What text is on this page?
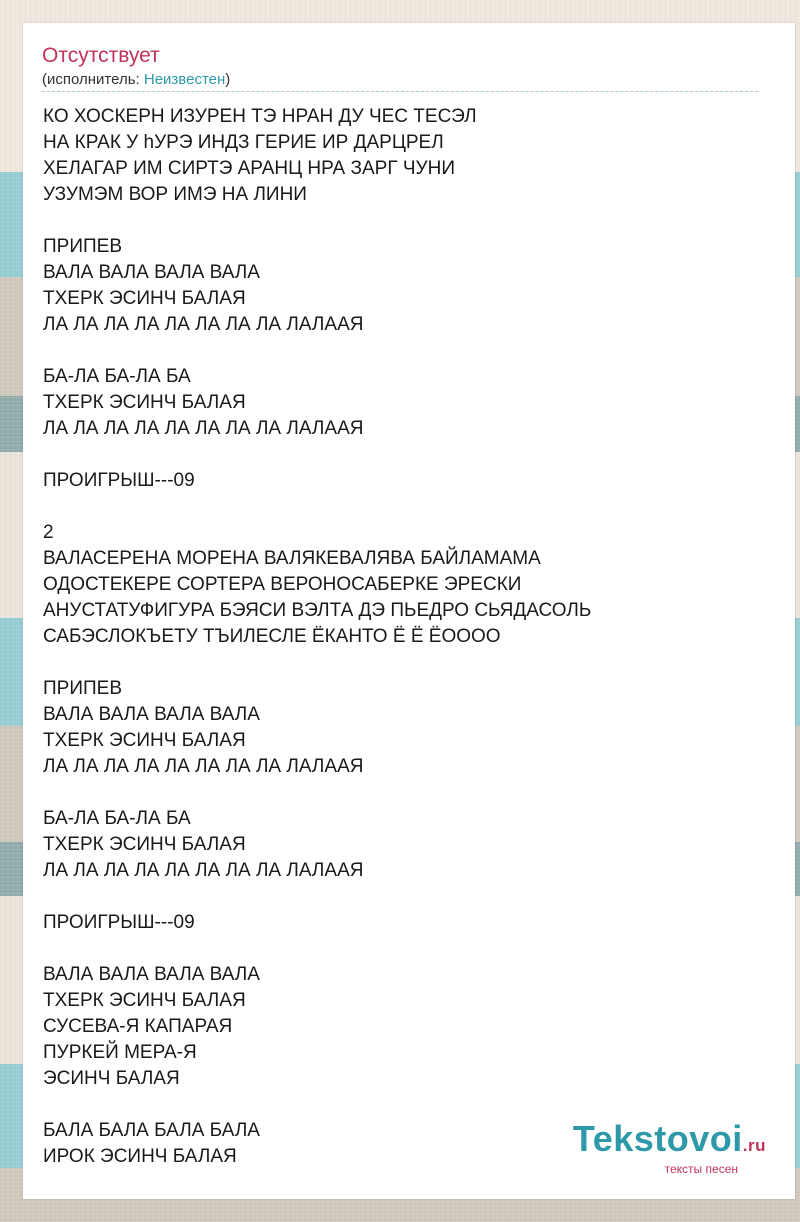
Отсутствует
(исполнитель: Неизвестен)
КО ХОСКЕРН ИЗУРЕН ТЭ НРАН ДУ ЧЕС ТЕСЭЛ
НА КРАК У hУРЭ ИНДЗ ГЕРИЕ ИР ДАРЦРЕЛ
ХЕЛАГАР ИМ СИРТЭ АРАНЦ НРА ЗАРГ ЧУНИ
УЗУМЭМ ВОР ИМЭ НА ЛИНИ
ПРИПЕВ
ВАЛА ВАЛА ВАЛА ВАЛА
ТХЕРК ЭСИНЧ БАЛАЯ
ЛА ЛА ЛА ЛА ЛА ЛА ЛА ЛА ЛАЛААЯ
БА-ЛА БА-ЛА БА
ТХЕРК ЭСИНЧ БАЛАЯ
ЛА ЛА ЛА ЛА ЛА ЛА ЛА ЛА ЛАЛААЯ
ПРОИГРЫШ---09
2
ВАЛАСЕРЕНА МОРЕНА ВАЛЯКЕВАЛЯВА БАЙЛАМАМА
ОДОСТЕКЕРЕ СОРТЕРА ВЕРОНОСАБЕРКЕ ЭРЕСКИ
АНУСТАТУФИГУРА БЭЯСИ ВЭЛТА ДЭ ПЬЕДРО СЬЯДАСОЛЬ
САБЭСЛОКЪЕТУ ТЪИЛЕСЛЕ ЁКАНТО Ё Ё ЁОООО
ПРИПЕВ
ВАЛА ВАЛА ВАЛА ВАЛА
ТХЕРК ЭСИНЧ БАЛАЯ
ЛА ЛА ЛА ЛА ЛА ЛА ЛА ЛА ЛАЛААЯ
БА-ЛА БА-ЛА БА
ТХЕРК ЭСИНЧ БАЛАЯ
ЛА ЛА ЛА ЛА ЛА ЛА ЛА ЛА ЛАЛААЯ
ПРОИГРЫШ---09
ВАЛА ВАЛА ВАЛА ВАЛА
ТХЕРК ЭСИНЧ БАЛАЯ
СУСЕВА-Я КАПАРАЯ
ПУРКЕЙ МЕРА-Я
ЭСИНЧ БАЛАЯ
БАЛА БАЛА БАЛА БАЛА
ИРОК ЭСИНЧ БАЛАЯ	Tekstovoi.ru
тексты песен
